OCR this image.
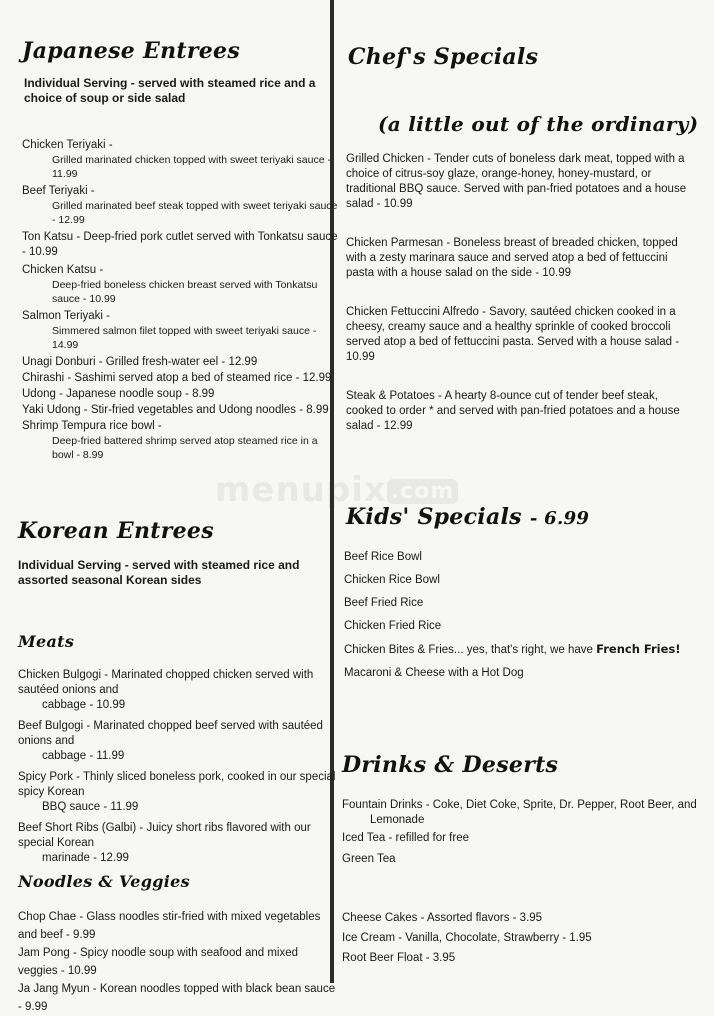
menupix .com
Japanese Entrees
Individual Serving - served with steamed rice and a choice of soup or side salad
Chicken Teriyaki -
Grilled marinated chicken topped with sweet teriyaki sauce - 11.99
Beef Teriyaki -
Grilled marinated beef steak topped with sweet teriyaki sauce - 12.99
Ton Katsu - Deep-fried pork cutlet served with Tonkatsu sauce - 10.99
Chicken Katsu -
Deep-fried boneless chicken breast served with Tonkatsu sauce - 10.99
Salmon Teriyaki -
Simmered salmon filet topped with sweet teriyaki sauce - 14.99
Unagi Donburi - Grilled fresh-water eel - 12.99
Chirashi - Sashimi served atop a bed of steamed rice - 12.99
Udong - Japanese noodle soup - 8.99
Yaki Udong - Stir-fried vegetables and Udong noodles - 8.99
Shrimp Tempura rice bowl -
Deep-fried battered shrimp served atop steamed rice in a bowl - 8.99
Korean Entrees
Individual Serving - served with steamed rice and assorted seasonal Korean sides
Meats
Chicken Bulgogi - Marinated chopped chicken served with sautéed onions and
cabbage - 10.99
Beef Bulgogi - Marinated chopped beef served with sautéed onions and
cabbage - 11.99
Spicy Pork - Thinly sliced boneless pork, cooked in our special spicy Korean
BBQ sauce - 11.99
Beef Short Ribs (Galbi) - Juicy short ribs flavored with our special Korean
marinade - 12.99
Noodles & Veggies
Chop Chae - Glass noodles stir-fried with mixed vegetables and beef - 9.99
Jam Pong - Spicy noodle soup with seafood and mixed veggies - 10.99
Ja Jang Myun - Korean noodles topped with black bean sauce - 9.99
Chef's Specials
(a little out of the ordinary)
Grilled Chicken - Tender cuts of boneless dark meat, topped with a choice of citrus-soy glaze, orange-honey, honey-mustard, or traditional BBQ sauce. Served with pan-fried potatoes and a house salad - 10.99
Chicken Parmesan - Boneless breast of breaded chicken, topped with a zesty marinara sauce and served atop a bed of fettuccini pasta with a house salad on the side - 10.99
Chicken Fettuccini Alfredo - Savory, sautéed chicken cooked in a cheesy, creamy sauce and a healthy sprinkle of cooked broccoli served atop a bed of fettuccini pasta. Served with a house salad - 10.99
Steak & Potatoes - A hearty 8-ounce cut of tender beef steak, cooked to order * and served with pan-fried potatoes and a house salad - 12.99
Kids' Specials - 6.99
Beef Rice Bowl
Chicken Rice Bowl
Beef Fried Rice
Chicken Fried Rice
Chicken Bites & Fries... yes, that's right, we have French Fries!
Macaroni & Cheese with a Hot Dog
Drinks & Deserts
Fountain Drinks - Coke, Diet Coke, Sprite, Dr. Pepper, Root Beer, and
Lemonade
Iced Tea - refilled for free
Green Tea
Cheese Cakes - Assorted flavors - 3.95
Ice Cream - Vanilla, Chocolate, Strawberry - 1.95
Root Beer Float - 3.95
